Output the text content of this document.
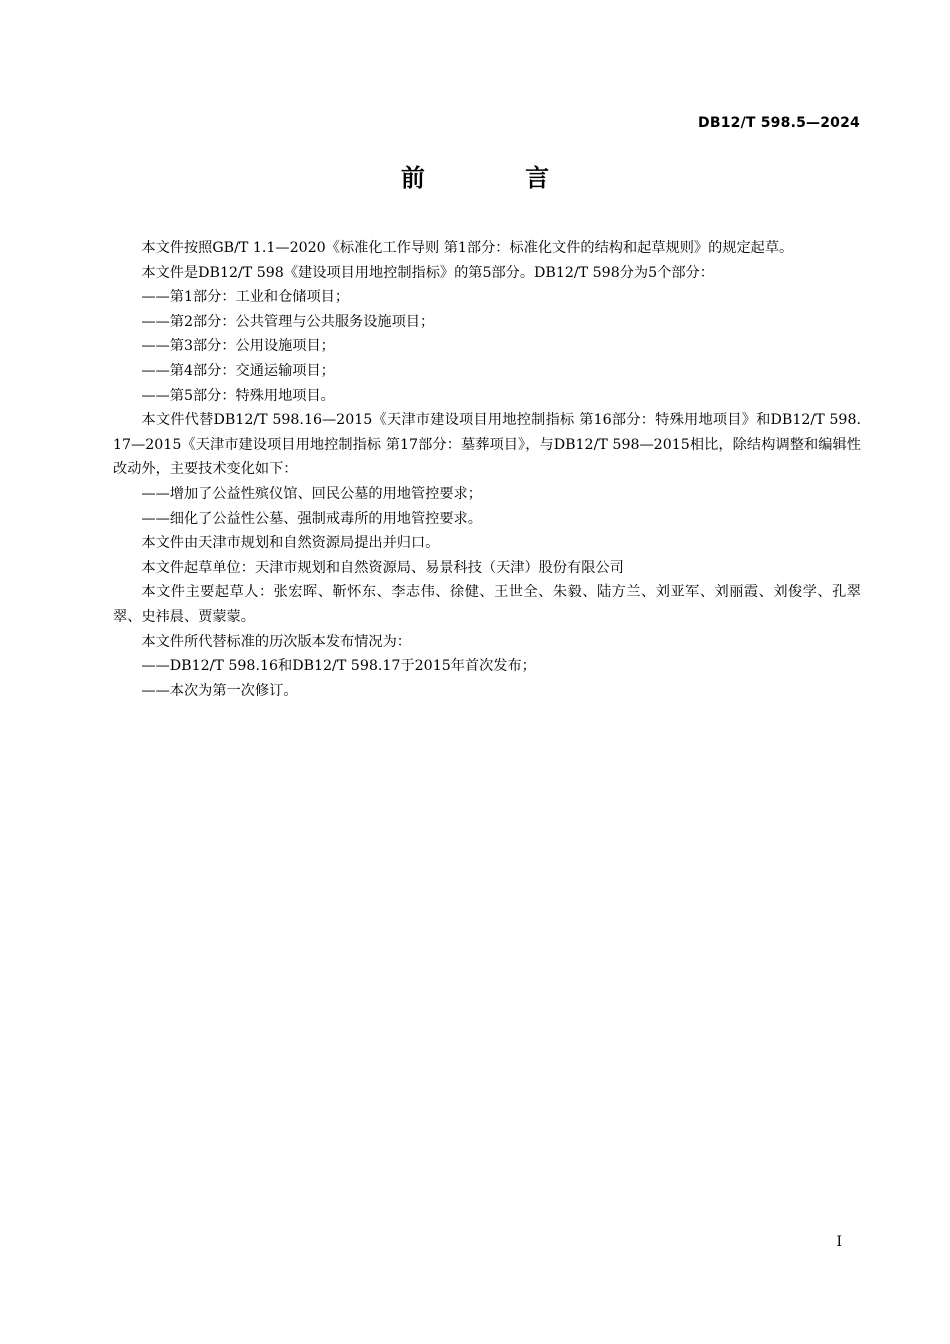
DB12/T 598.5—2024
前 言

本文件按照GB/T 1.1—2020《标准化工作导则 第1部分：标准化文件的结构和起草规则》的规定起草。

本文件是DB12/T 598《建设项目用地控制指标》的第5部分。DB12/T 598分为5个部分：

——第1部分：工业和仓储项目；

——第2部分：公共管理与公共服务设施项目；

——第3部分：公用设施项目；

——第4部分：交通运输项目；

——第5部分：特殊用地项目。

本文件代替DB12/T 598.16—2015《天津市建设项目用地控制指标 第16部分：特殊用地项目》和DB12/T 598.17—2015《天津市建设项目用地控制指标 第17部分：墓葬项目》，与DB12/T 598—2015相比，除结构调整和编辑性改动外，主要技术变化如下：

——增加了公益性殡仪馆、回民公墓的用地管控要求；

——细化了公益性公墓、强制戒毒所的用地管控要求。

本文件由天津市规划和自然资源局提出并归口。

本文件起草单位：天津市规划和自然资源局、易景科技（天津）股份有限公司

本文件主要起草人：张宏晖、靳怀东、李志伟、徐健、王世全、朱毅、陆方兰、刘亚军、刘丽霞、刘俊学、孔翠翠、史祎晨、贾蒙蒙。

本文件所代替标准的历次版本发布情况为：

——DB12/T 598.16和DB12/T 598.17于2015年首次发布；

——本次为第一次修订。

I
